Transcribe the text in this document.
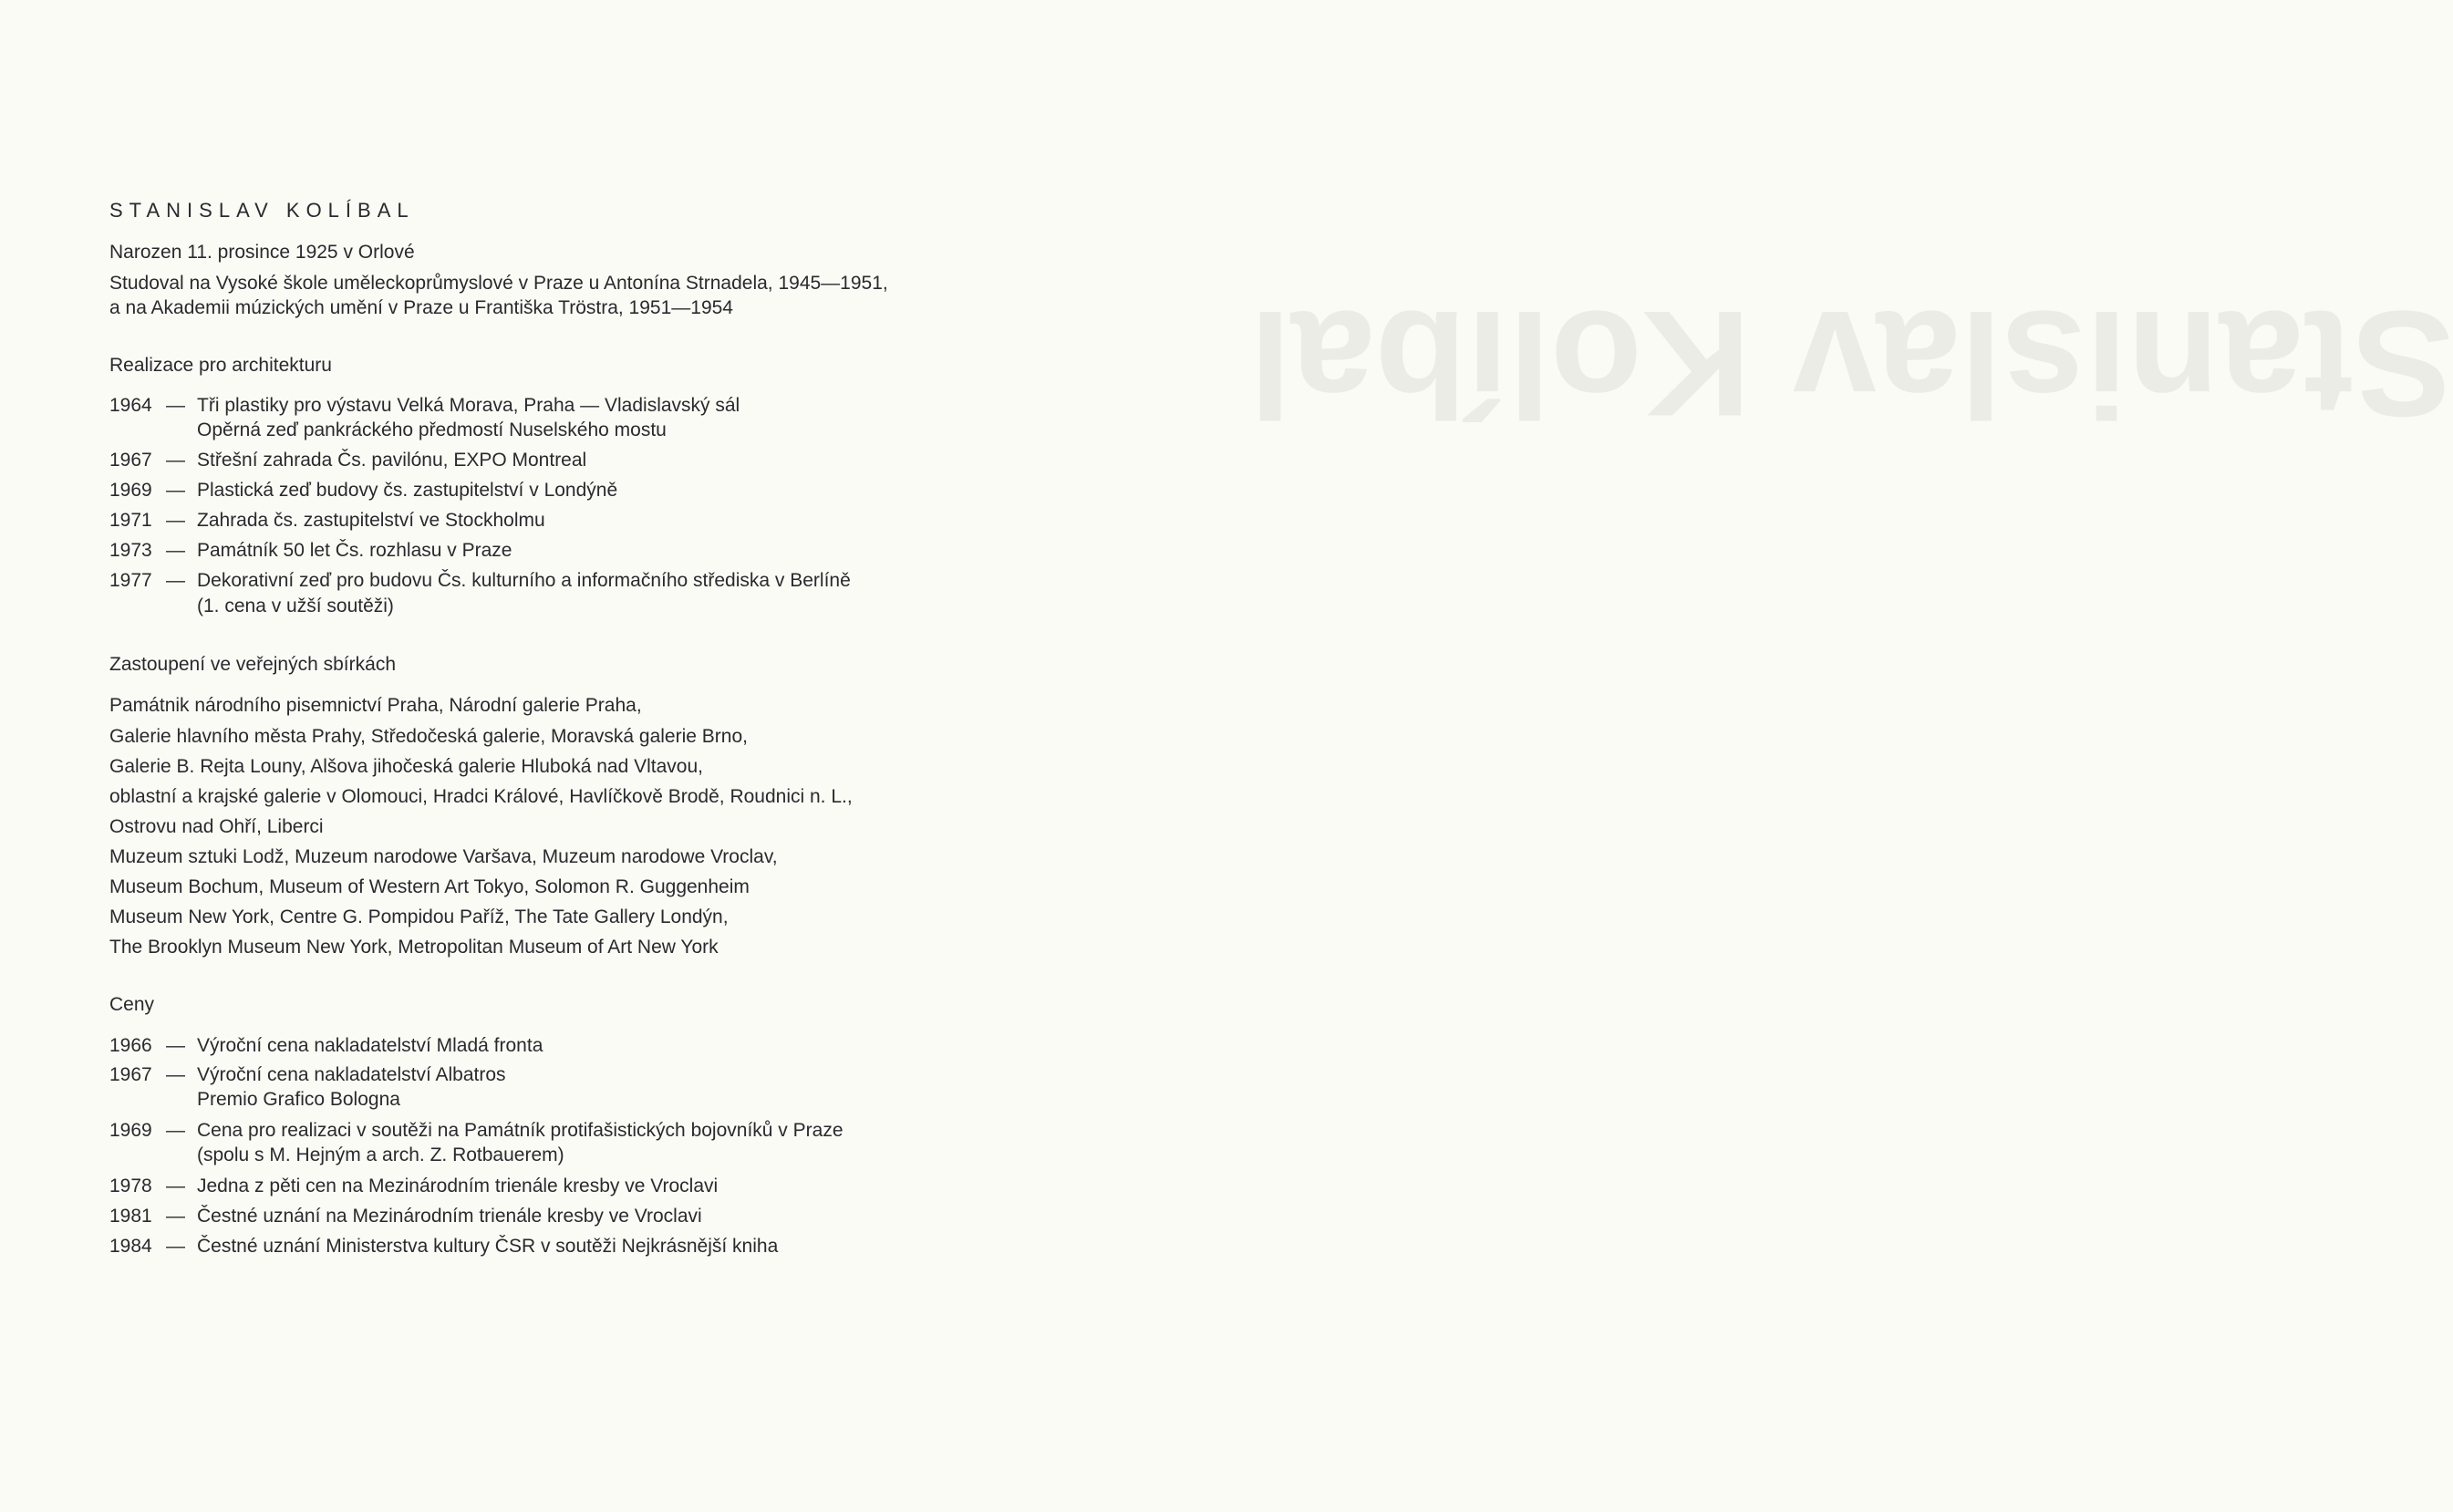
Stanislav Kolíbal
STANISLAV KOLÍBAL
Narozen 11. prosince 1925 v Orlové
Studoval na Vysoké škole uměleckoprůmyslové v Praze u Antonína Strnadela, 1945—1951,
a na Akademii múzických umění v Praze u Františka Tröstra, 1951—1954
Realizace pro architekturu
1964 — Tři plastiky pro výstavu Velká Morava, Praha — Vladislavský sál
Opěrná zeď pankráckého předmostí Nuselského mostu
1967 — Střešní zahrada Čs. pavilónu, EXPO Montreal
1969 — Plastická zeď budovy čs. zastupitelství v Londýně
1971 — Zahrada čs. zastupitelství ve Stockholmu
1973 — Památník 50 let Čs. rozhlasu v Praze
1977 — Dekorativní zeď pro budovu Čs. kulturního a informačního střediska v Berlíně
(1. cena v užší soutěži)
Zastoupení ve veřejných sbírkách
Památnik národního pisemnictví Praha, Národní galerie Praha,
Galerie hlavního města Prahy, Středočeská galerie, Moravská galerie Brno,
Galerie B. Rejta Louny, Alšova jihočeská galerie Hluboká nad Vltavou,
oblastní a krajské galerie v Olomouci, Hradci Králové, Havlíčkově Brodě, Roudnici n. L.,
Ostrovu nad Ohří, Liberci
Muzeum sztuki Lodž, Muzeum narodowe Varšava, Muzeum narodowe Vroclav,
Museum Bochum, Museum of Western Art Tokyo, Solomon R. Guggenheim
Museum New York, Centre G. Pompidou Paříž, The Tate Gallery Londýn,
The Brooklyn Museum New York, Metropolitan Museum of Art New York
Ceny
1966 — Výroční cena nakladatelství Mladá fronta
1967 — Výroční cena nakladatelství Albatros
Premio Grafico Bologna
1969 — Cena pro realizaci v soutěži na Památník protifašistických bojovníků v Praze
(spolu s M. Hejným a arch. Z. Rotbauerem)
1978 — Jedna z pěti cen na Mezinárodním trienále kresby ve Vroclavi
1981 — Čestné uznání na Mezinárodním trienále kresby ve Vroclavi
1984 — Čestné uznání Ministerstva kultury ČSR v soutěži Nejkrásnější kniha
